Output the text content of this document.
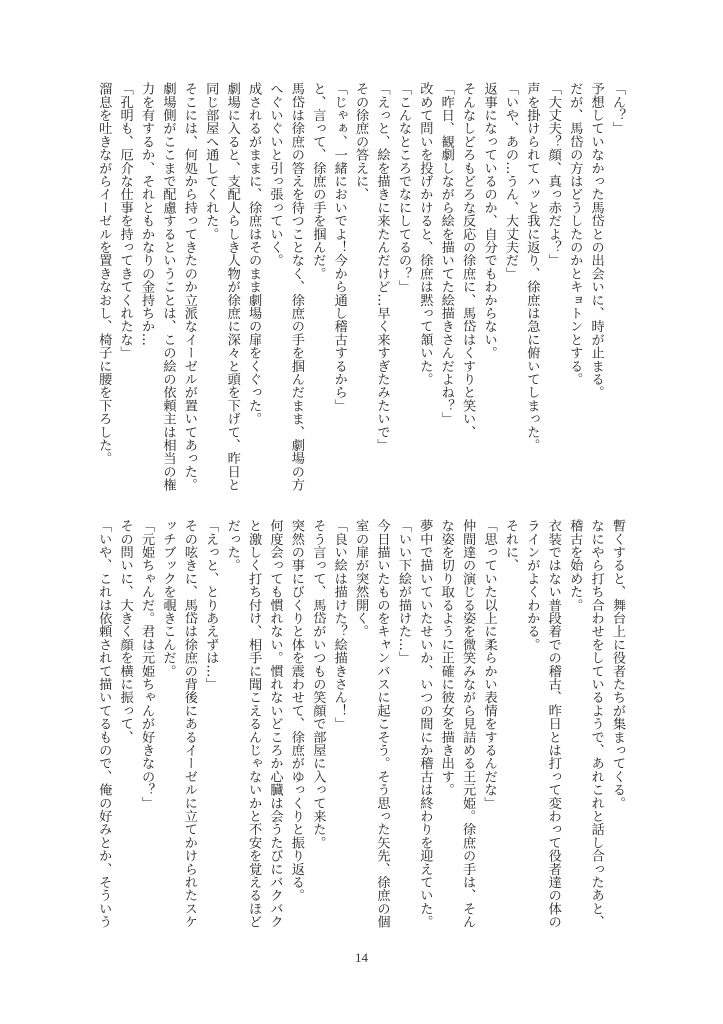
「ん？」
予想していなかった馬岱との出会いに、時が止まる。
だが、馬岱の方はどうしたのかとキョトンとする。
「大丈夫？顔、真っ赤だよ？」
声を掛けられてハッと我に返り、徐庶は急に俯いてしまった。
「いや、あの…うん、大丈夫だ」
返事になっているのか、自分でもわからない。
そんなしどろもどろな反応の徐庶に、馬岱はくすりと笑い、
「昨日、観劇しながら絵を描いてた絵描きさんだよね？」
改めて問いを投げかけると、徐庶は黙って頷いた。
「こんなところでなにしてるの？」
「えっと、絵を描きに来たんだけど…早く来すぎたみたいで」
その徐庶の答えに、
「じゃぁ、一緒においでよ！今から通し稽古するから」
と、言って、徐庶の手を掴んだ。
馬岱は徐庶の答えを待つことなく、徐庶の手を掴んだまま、劇場の方
へぐいぐいと引っ張っていく。
成されるがままに、徐庶はそのまま劇場の扉をくぐった。
劇場に入ると、支配人らしき人物が徐庶に深々と頭を下げて、昨日と
同じ部屋へ通してくれた。
そこには、何処から持ってきたのか立派なイーゼルが置いてあった。
劇場側がここまで配慮するということは、この絵の依頼主は相当の権
力を有するか、それともかなりの金持ちか…
「孔明も、厄介な仕事を持ってきてくれたな」
溜息を吐きながらイーゼルを置きなおし、椅子に腰を下ろした。
暫くすると、舞台上に役者たちが集まってくる。
なにやら打ち合わせをしているようで、あれこれと話し合ったあと、
稽古を始めた。
衣装ではない普段着での稽古、昨日とは打って変わって役者達の体の
ラインがよくわかる。
それに、
「思っていた以上に柔らかい表情をするんだな」
仲間達の演じる姿を微笑みながら見詰める王元姫。徐庶の手は、そん
な姿を切り取るように正確に彼女を描き出す。
夢中で描いていたせいか、いつの間にか稽古は終わりを迎えていた。
「いい下絵が描けた…」
今日描いたものをキャンバスに起こそう。そう思った矢先、徐庶の個
室の扉が突然開く。
「良い絵は描けた？絵描きさん！」
そう言って、馬岱がいつもの笑顔で部屋に入って来た。
突然の事にびくりと体を震わせて、徐庶がゆっくりと振り返る。
何度会っても慣れない。慣れないどころか心臓は会うたびにバクバク
と激しく打ち付け、相手に聞こえるんじゃないかと不安を覚えるほど
だった。
「えっと、とりあえずは…」
その呟きに、馬岱は徐庶の背後にあるイーゼルに立てかけられたスケ
ッチブックを覗きこんだ。
「元姫ちゃんだ。君は元姫ちゃんが好きなの？」
その問いに、大きく顔を横に振って、
「いや、これは依頼されて描いてるもので、俺の好みとか、そういう
14
